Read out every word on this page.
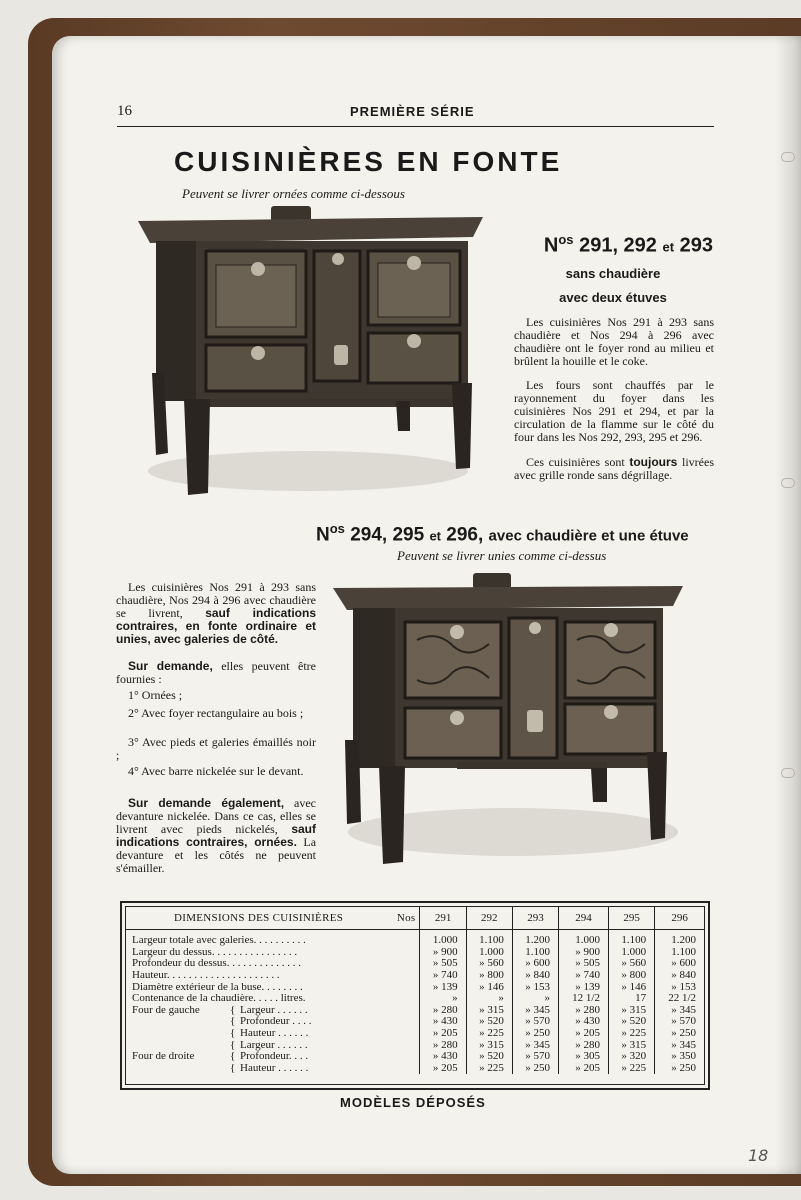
16	PREMIÈRE SÉRIE
CUISINIÈRES EN FONTE
Peuvent se livrer ornées comme ci-dessous
$N^{os}$ 291, 292 et 293
sans chaudière
avec deux étuves
Les cuisinières Nos 291 à 293 sans chaudière et Nos 294 à 296 avec chaudière ont le foyer rond au milieu et brûlent la houille et le coke.
Les fours sont chauffés par le rayonnement du foyer dans les cuisinières Nos 291 et 294, et par la circulation de la flamme sur le côté du four dans les Nos 292, 293, 295 et 296.
Ces cuisinières sont toujours livrées avec grille ronde sans dégrillage.
$N^{os}$ 294, 295 et 296, avec chaudière et une étuve
Peuvent se livrer unies comme ci-dessus
Les cuisinières Nos 291 à 293 sans chaudière, Nos 294 à 296 avec chaudière se livrent, sauf indications contraires, en fonte ordinaire et unies, avec galeries de côté.
Sur demande, elles peuvent être fournies :
1° Ornées ;
2° Avec foyer rectangulaire au bois ;
3° Avec pieds et galeries émaillés noir ;
4° Avec barre nickelée sur le devant.
Sur demande également, avec devanture nickelée. Dans ce cas, elles se livrent avec pieds nickelés, sauf indications contraires, ornées. La devanture et les côtés ne peuvent s'émailler.
DIMENSIONS DES CUISINIÈRES Nos	291	292	293	294	295	296

Largeur totale avec galeries. . . . . . . . . .	1.000	1.100	1.200	1.000	1.100	1.200
Largeur du dessus. . . . . . . . . . . . . . . .	» 900	1.000	1.100	» 900	1.000	1.100
Profondeur du dessus. . . . . . . . . . . . . .	» 505	» 560	» 600	» 505	» 560	» 600
Hauteur. . . . . . . . . . . . . . . . . . . . .	» 740	» 800	» 840	» 740	» 800	» 840
Diamètre extérieur de la buse. . . . . . . .	» 139	» 146	» 153	» 139	» 146	» 153
Contenance de la chaudière. . . . . litres.	»	»	»	12 1/2	17	22 1/2
Four de gauche { Largeur . . . . . .	» 280	» 315	» 345	» 280	» 315	» 345
{ Profondeur . . . .	» 430	» 520	» 570	» 430	» 520	» 570
{ Hauteur . . . . . .	» 205	» 225	» 250	» 205	» 225	» 250
{ Largeur . . . . . .	» 280	» 315	» 345	» 280	» 315	» 345
Four de droite { Profondeur. . . .	» 430	» 520	» 570	» 305	» 320	» 350
{ Hauteur . . . . . .	» 205	» 225	» 250	» 205	» 225	» 250
MODÈLES DÉPOSÉS
18
